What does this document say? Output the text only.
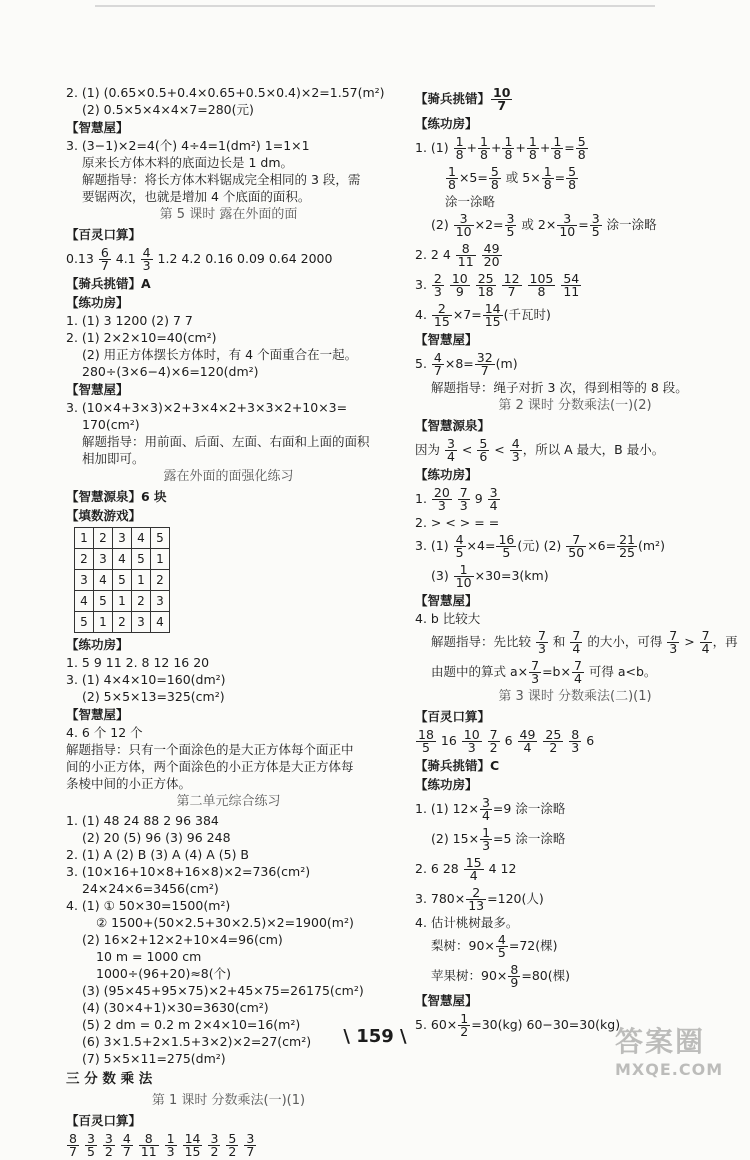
2. (1) (0.65×0.5+0.4×0.65+0.5×0.4)×2=1.57(m²)
(2) 0.5×5×4×4×7=280(元)
【智慧屋】
3. (3−1)×2=4(个) 4÷4=1(dm²) 1=1×1
原来长方体木料的底面边长是 1 dm。
解题指导：将长方体木料锯成完全相同的 3 段，需
要锯两次，也就是增加 4 个底面的面积。
第 5 课时 露在外面的面
【百灵口算】
$0.13 \frac{6}{7} 4.1 \frac{4}{3} 1.2$ 4.2 0.16 0.09 0.64 2000
【骑兵挑错】A
【练功房】
1. (1) 3 1200 (2) 7 7
2. (1) 2×2×10=40(cm²)
(2) 用正方体摆长方体时，有 4 个面重合在一起。
280÷(3×6−4)×6=120(dm²)
【智慧屋】
3. (10×4+3×3)×2+3×4×2+3×3×2+10×3=
170(cm²)
解题指导：用前面、后面、左面、右面和上面的面积
相加即可。
露在外面的面强化练习
【智慧源泉】6 块
【填数游戏】
1	2	3	4	5
2	3	4	5	1
3	4	5	1	2
4	5	1	2	3
5	1	2	3	4
【练功房】
1. 5 9 11 2. 8 12 16 20
3. (1) 4×4×10=160(dm²)
(2) 5×5×13=325(cm²)
【智慧屋】
4. 6 个 12 个
解题指导：只有一个面涂色的是大正方体每个面正中
间的小正方体，两个面涂色的小正方体是大正方体每
条棱中间的小正方体。
第二单元综合练习
1. (1) 48 24 88 2 96 384
(2) 20 (5) 96 (3) 96 248
2. (1) A (2) B (3) A (4) A (5) B
3. (10×16+10×8+16×8)×2=736(cm²)
24×24×6=3456(cm²)
4. (1) ① 50×30=1500(m²)
② 1500+(50×2.5+30×2.5)×2=1900(m²)
(2) 16×2+12×2+10×4=96(cm)
10 m = 1000 cm
1000÷(96+20)≈8(个)
(3) (95×45+95×75)×2+45×75=26175(cm²)
(4) (30×4+1)×30=3630(cm²)
(5) 2 dm = 0.2 m 2×4×10=16(m²)
(6) 3×1.5+2×1.5+3×2)×2=27(cm²)
(7) 5×5×11=275(dm²)
三 分 数 乘 法
第 1 课时 分数乘法(一)(1)
【百灵口算】
$\frac{8}{7}$
$\frac{3}{5}$
$\frac{3}{2}$
$\frac{4}{7}$
$\frac{8}{11}$
$\frac{1}{3}$
$\frac{14}{15}$
$\frac{3}{2}$
$\frac{5}{2}$
$\frac{3}{7}$
【骑兵挑错】 $\frac{10}{7}$
【练功房】
1. $(1) \frac{1}{8} + \frac{1}{8} + \frac{1}{8} + \frac{1}{8} + \frac{1}{8} = \frac{5}{8}$
$\frac{1}{8} \times 5= \frac{5}{8}$ 或 $5\times \frac{1}{8} = \frac{5}{8}$
涂一涂略
$(2) \frac{3}{10} \times 2= \frac{3}{5}$ 或 $2\times \frac{3}{10} = \frac{3}{5}$ 涂一涂略
2. 2 $4 \frac{8}{11}$
$\frac{49}{20}$
3. $\frac{2}{3}$
$\frac{10}{9}$
$\frac{25}{18}$
$\frac{12}{7}$
$\frac{105}{8}$
$\frac{54}{11}$
4. $\frac{2}{15} \times 7= \frac{14}{15}$ (千瓦时)
【智慧屋】
5. $\frac{4}{7} \times 8= \frac{32}{7} (m)$
解题指导：绳子对折 3 次，得到相等的 8 段。
第 2 课时 分数乘法(一)(2)
【智慧源泉】
因为 $\frac{3}{4} < \frac{5}{6} < \frac{4}{3}$ ，所以 A 最大，B 最小。
【练功房】
1. $\frac{20}{3}$
$\frac{7}{3} 9 \frac{3}{4}$
2. > < > = =
3. $(1) \frac{4}{5} \times 4= \frac{16}{5}$ (元) $(2) \frac{7}{50} \times 6= \frac{21}{25} (m^2)$
$(3) \frac{1}{10} \times 30=3(km)$
【智慧屋】
4. b 比较大
解题指导：先比较 $\frac{7}{3}$ 和 $\frac{7}{4}$ 的大小，可得 $\frac{7}{3} > \frac{7}{4}$ ，再
由题中的算式 $a\times \frac{7}{3} =b\times \frac{7}{4}$ 可得 a<b。
第 3 课时 分数乘法(二)(1)
【百灵口算】
$\frac{18}{5} 16 \frac{10}{3}$
$\frac{7}{2} 6 \frac{49}{4}$
$\frac{25}{2}$
$\frac{8}{3} 6$
【骑兵挑错】C
【练功房】
1. (1) $12\times \frac{3}{4} =9$ 涂一涂略
(2) $15\times \frac{1}{3} =5$ 涂一涂略
2. 6 $28 \frac{15}{4} 4$ 12
3. $780\times \frac{2}{13} =120$(人)
4. 估计桃树最多。
梨树：$90\times \frac{4}{5} =72$(棵)
苹果树：$90\times \frac{8}{9} =80$(棵)
【智慧屋】
5. $60\times \frac{1}{2} =30(kg)$ 60−30=30(kg)
\ 159 \	答案圈
MXQE.COM
